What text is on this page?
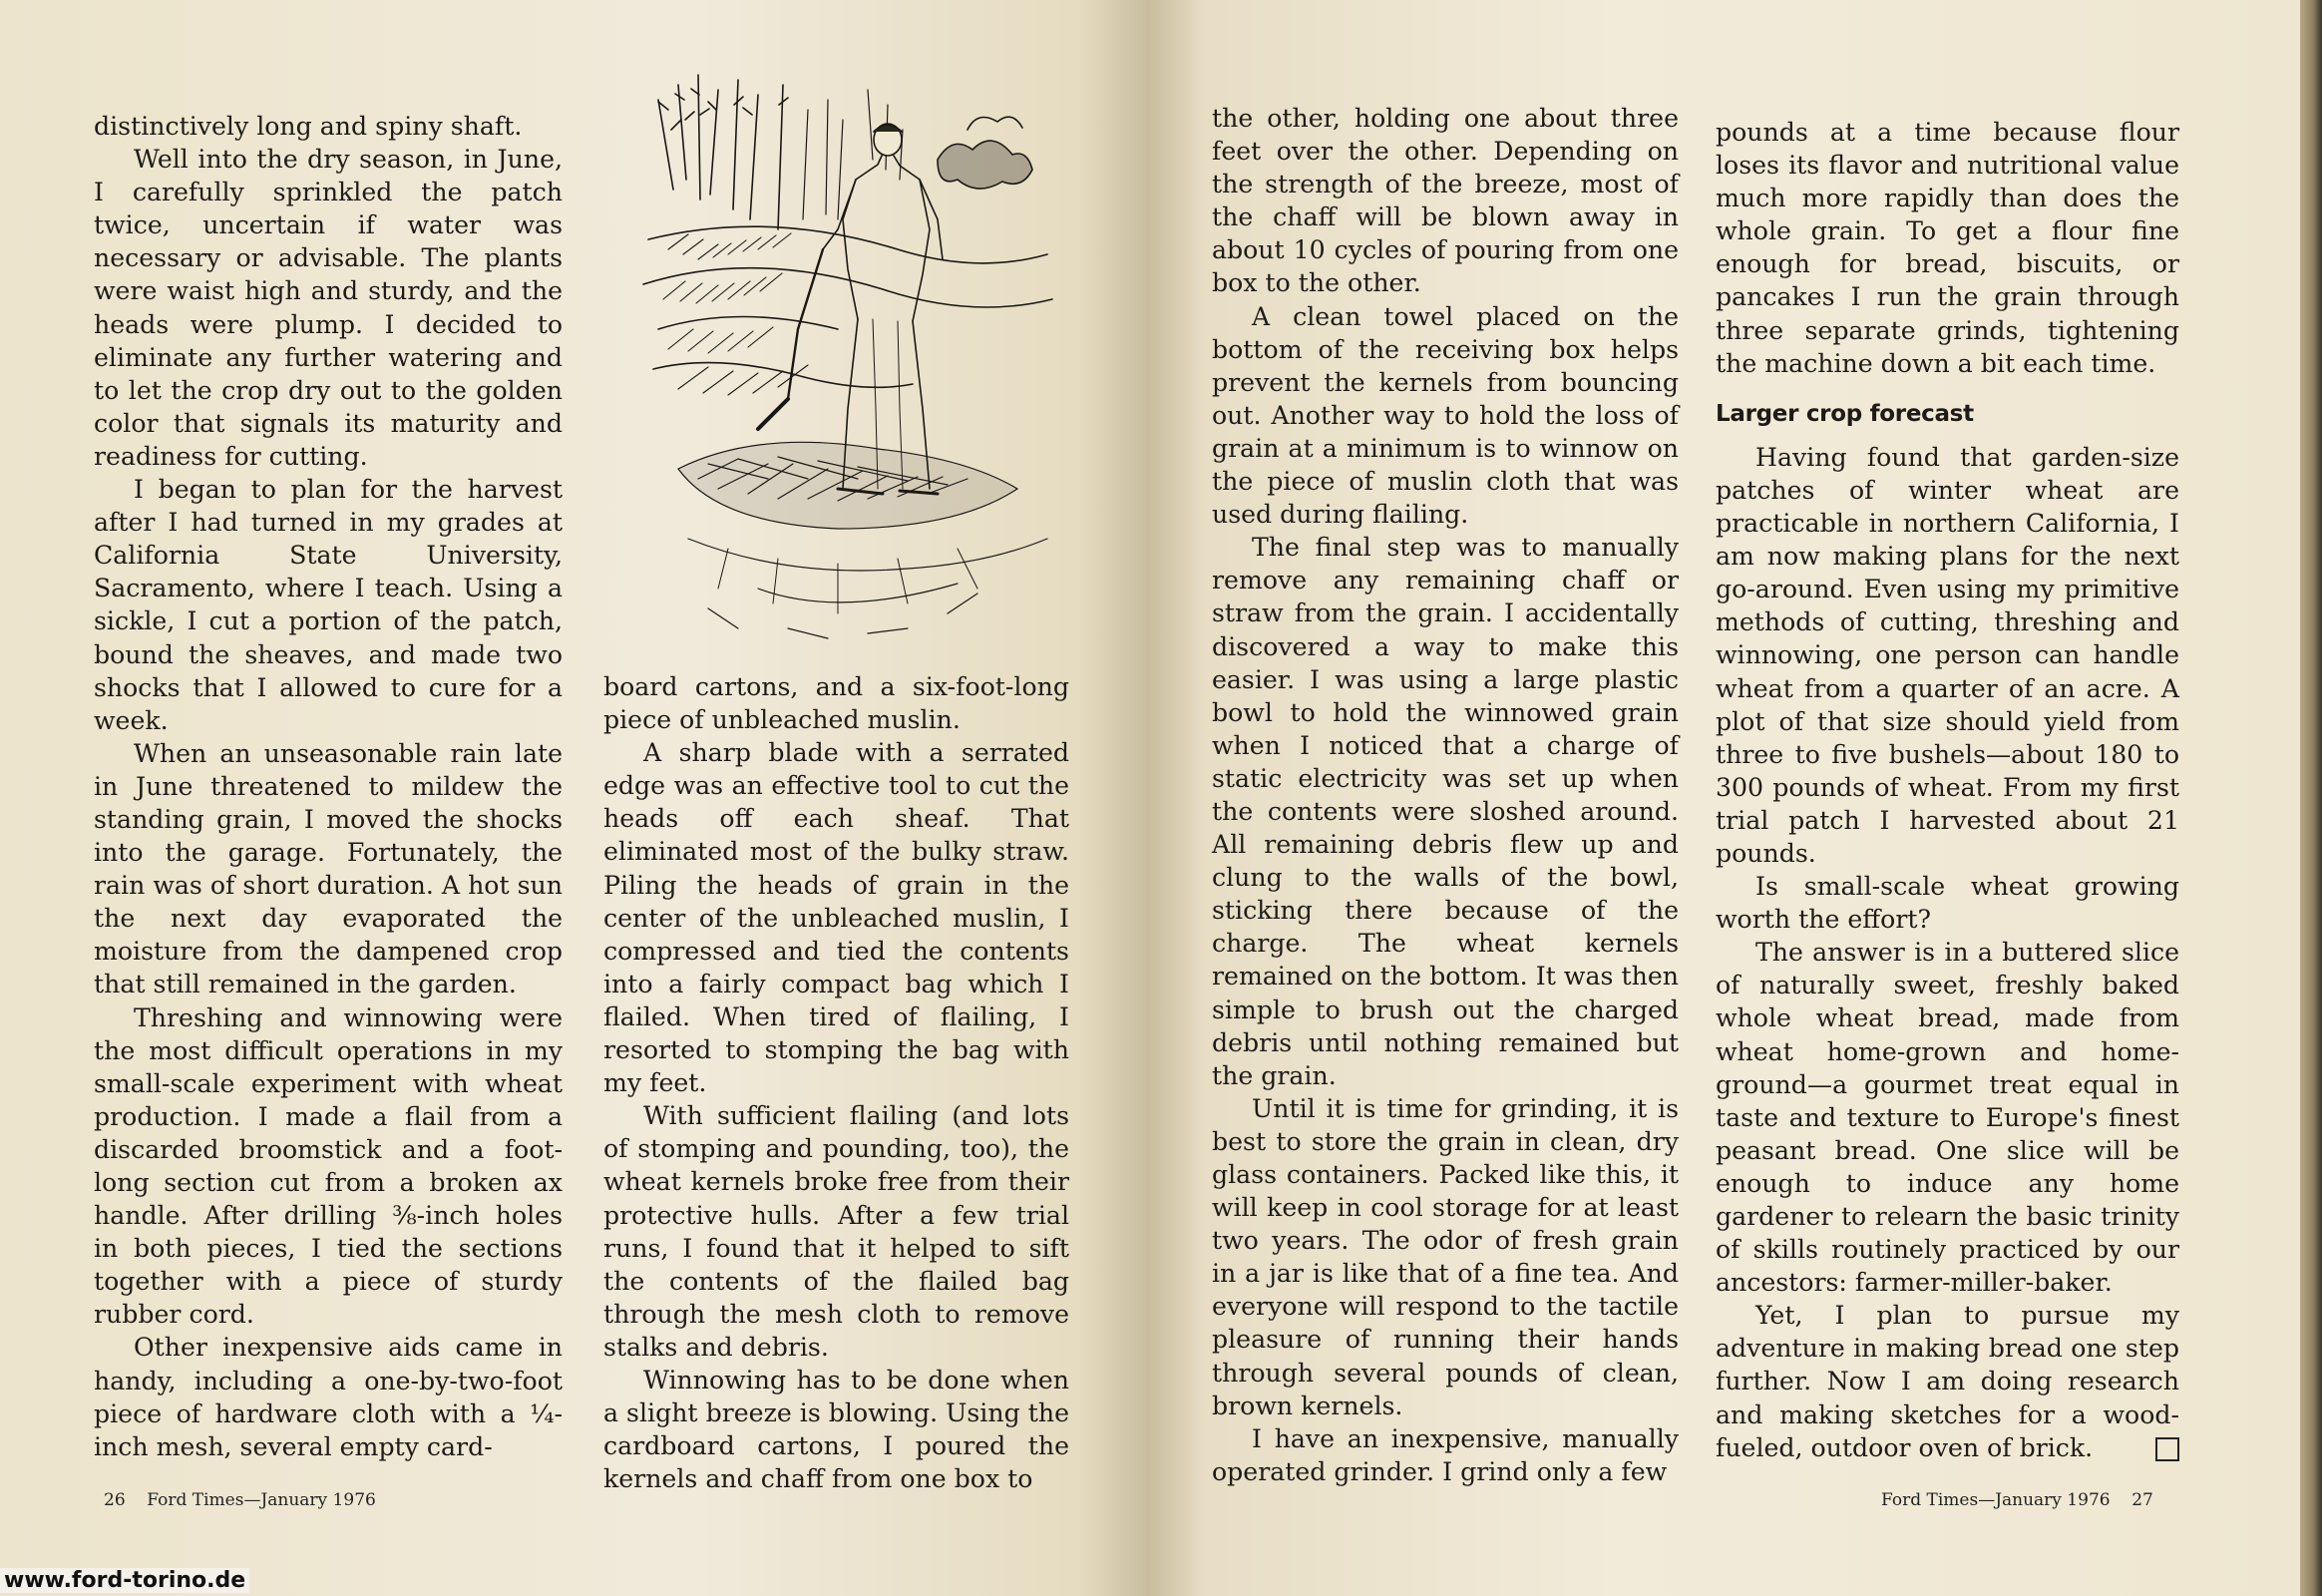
distinctively long and spiny shaft.

Well into the dry season, in June, I carefully sprinkled the patch twice, uncertain if water was necessary or advisable. The plants were waist high and sturdy, and the heads were plump. I decided to eliminate any further watering and to let the crop dry out to the golden color that signals its maturity and readiness for cutting.

I began to plan for the harvest after I had turned in my grades at California State University, Sacramento, where I teach. Using a sickle, I cut a portion of the patch, bound the sheaves, and made two shocks that I allowed to cure for a week.

When an unseasonable rain late in June threatened to mildew the standing grain, I moved the shocks into the garage. Fortunately, the rain was of short duration. A hot sun the next day evaporated the moisture from the dampened crop that still remained in the garden.

Threshing and winnowing were the most difficult operations in my small-scale experiment with wheat production. I made a flail from a discarded broomstick and a foot-long section cut from a broken ax handle. After drilling ⅜-inch holes in both pieces, I tied the sections together with a piece of sturdy rubber cord.

Other inexpensive aids came in handy, including a one-by-two-foot piece of hardware cloth with a ¼-inch mesh, several empty card-

board cartons, and a six-foot-long piece of unbleached muslin.

A sharp blade with a serrated edge was an effective tool to cut the heads off each sheaf. That eliminated most of the bulky straw. Piling the heads of grain in the center of the unbleached muslin, I compressed and tied the contents into a fairly compact bag which I flailed. When tired of flailing, I resorted to stomping the bag with my feet.

With sufficient flailing (and lots of stomping and pounding, too), the wheat kernels broke free from their protective hulls. After a few trial runs, I found that it helped to sift the contents of the flailed bag through the mesh cloth to remove stalks and debris.

Winnowing has to be done when a slight breeze is blowing. Using the cardboard cartons, I poured the kernels and chaff from one box to

the other, holding one about three feet over the other. Depending on the strength of the breeze, most of the chaff will be blown away in about 10 cycles of pouring from one box to the other.

A clean towel placed on the bottom of the receiving box helps prevent the kernels from bouncing out. Another way to hold the loss of grain at a minimum is to winnow on the piece of muslin cloth that was used during flailing.

The final step was to manually remove any remaining chaff or straw from the grain. I accidentally discovered a way to make this easier. I was using a large plastic bowl to hold the winnowed grain when I noticed that a charge of static electricity was set up when the contents were sloshed around. All remaining debris flew up and clung to the walls of the bowl, sticking there because of the charge. The wheat kernels remained on the bottom. It was then simple to brush out the charged debris until nothing remained but the grain.

Until it is time for grinding, it is best to store the grain in clean, dry glass containers. Packed like this, it will keep in cool storage for at least two years. The odor of fresh grain in a jar is like that of a fine tea. And everyone will respond to the tactile pleasure of running their hands through several pounds of clean, brown kernels.

I have an inexpensive, manually operated grinder. I grind only a few

pounds at a time because flour loses its flavor and nutritional value much more rapidly than does the whole grain. To get a flour fine enough for bread, biscuits, or pancakes I run the grain through three separate grinds, tightening the machine down a bit each time.

Larger crop forecast

Having found that garden-size patches of winter wheat are practicable in northern California, I am now making plans for the next go-around. Even using my primitive methods of cutting, threshing and winnowing, one person can handle wheat from a quarter of an acre. A plot of that size should yield from three to five bushels—about 180 to 300 pounds of wheat. From my first trial patch I harvested about 21 pounds.

Is small-scale wheat growing worth the effort?

The answer is in a buttered slice of naturally sweet, freshly baked whole wheat bread, made from wheat home-grown and home-ground—a gourmet treat equal in taste and texture to Europe's finest peasant bread. One slice will be enough to induce any home gardener to relearn the basic trinity of skills routinely practiced by our ancestors: farmer-miller-baker.

Yet, I plan to pursue my adventure in making bread one step further. Now I am doing research and making sketches for a wood-fueled, outdoor oven of brick.

26    Ford Times—January 1976	Ford Times—January 1976    27
www.ford-torino.de
